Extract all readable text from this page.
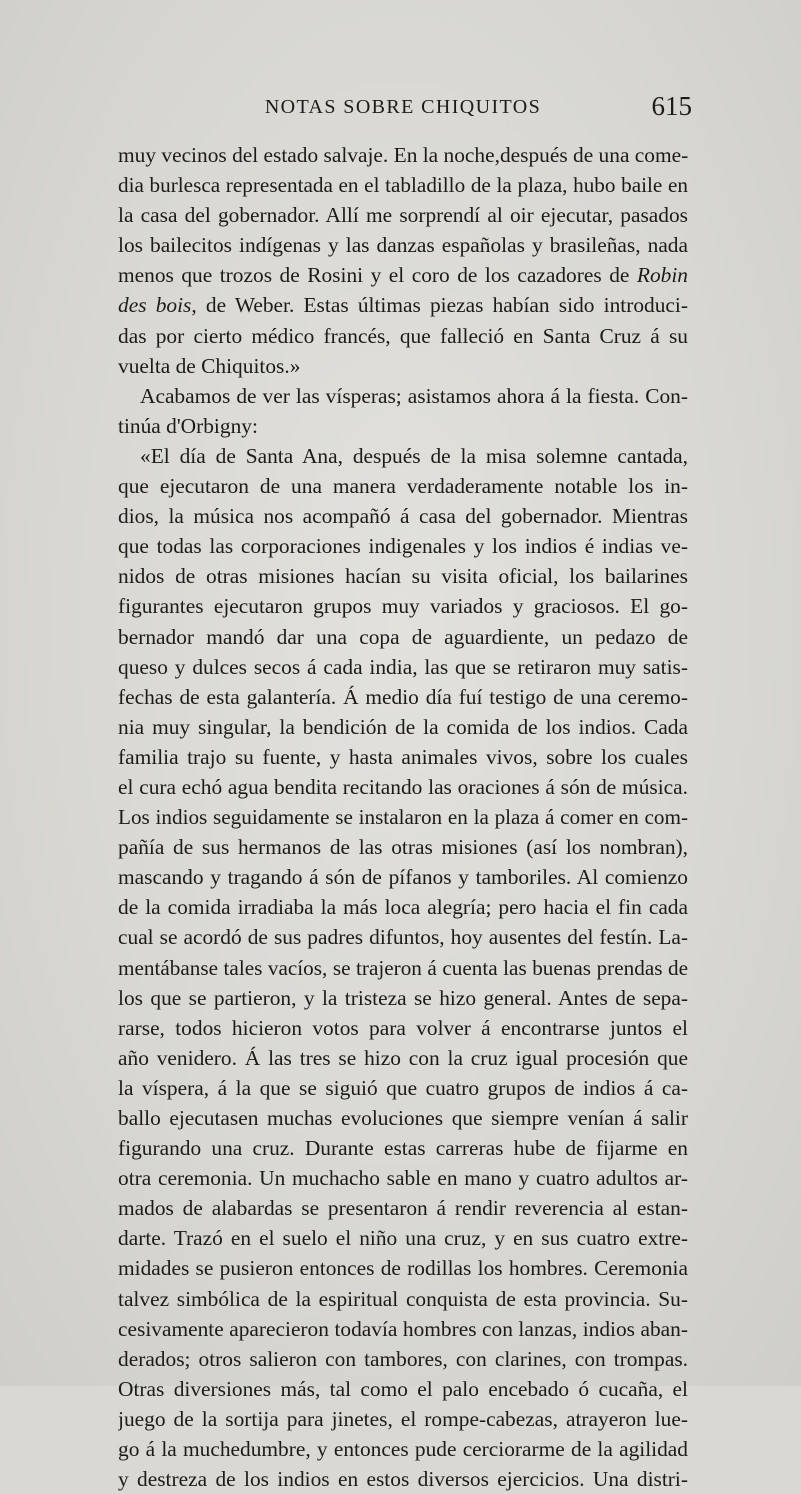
NOTAS SOBRE CHIQUITOS	615
muy vecinos del estado salvaje. En la noche,después de una come-
dia burlesca representada en el tabladillo de la plaza, hubo baile en
la casa del gobernador. Allí me sorprendí al oir ejecutar, pasados
los bailecitos indígenas y las danzas españolas y brasileñas, nada
menos que trozos de Rosini y el coro de los cazadores de Robin
des bois, de Weber. Estas últimas piezas habían sido introduci-
das por cierto médico francés, que falleció en Santa Cruz á su
vuelta de Chiquitos.»
Acabamos de ver las vísperas; asistamos ahora á la fiesta. Con-
tinúa d'Orbigny:
«El día de Santa Ana, después de la misa solemne cantada,
que ejecutaron de una manera verdaderamente notable los in-
dios, la música nos acompañó á casa del gobernador. Mientras
que todas las corporaciones indigenales y los indios é indias ve-
nidos de otras misiones hacían su visita oficial, los bailarines
figurantes ejecutaron grupos muy variados y graciosos. El go-
bernador mandó dar una copa de aguardiente, un pedazo de
queso y dulces secos á cada india, las que se retiraron muy satis-
fechas de esta galantería. Á medio día fuí testigo de una ceremo-
nia muy singular, la bendición de la comida de los indios. Cada
familia trajo su fuente, y hasta animales vivos, sobre los cuales
el cura echó agua bendita recitando las oraciones á són de música.
Los indios seguidamente se instalaron en la plaza á comer en com-
pañía de sus hermanos de las otras misiones (así los nombran),
mascando y tragando á són de pífanos y tamboriles. Al comienzo
de la comida irradiaba la más loca alegría; pero hacia el fin cada
cual se acordó de sus padres difuntos, hoy ausentes del festín. La-
mentábanse tales vacíos, se trajeron á cuenta las buenas prendas de
los que se partieron, y la tristeza se hizo general. Antes de sepa-
rarse, todos hicieron votos para volver á encontrarse juntos el
año venidero. Á las tres se hizo con la cruz igual procesión que
la víspera, á la que se siguió que cuatro grupos de indios á ca-
ballo ejecutasen muchas evoluciones que siempre venían á salir
figurando una cruz. Durante estas carreras hube de fijarme en
otra ceremonia. Un muchacho sable en mano y cuatro adultos ar-
mados de alabardas se presentaron á rendir reverencia al estan-
darte. Trazó en el suelo el niño una cruz, y en sus cuatro extre-
midades se pusieron entonces de rodillas los hombres. Ceremonia
talvez simbólica de la espiritual conquista de esta provincia. Su-
cesivamente aparecieron todavía hombres con lanzas, indios aban-
derados; otros salieron con tambores, con clarines, con trompas.
Otras diversiones más, tal como el palo encebado ó cucaña, el
juego de la sortija para jinetes, el rompe-cabezas, atrayeron lue-
go á la muchedumbre, y entonces pude cerciorarme de la agilidad
y destreza de los indios en estos diversos ejercicios. Una distri-
